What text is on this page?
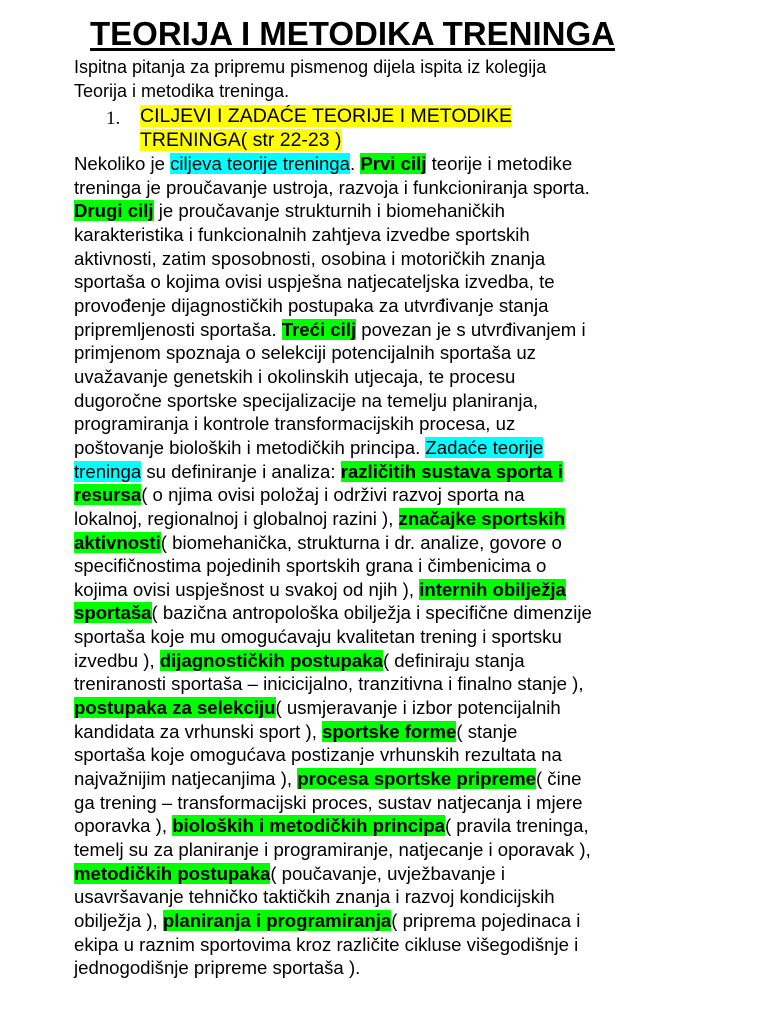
TEORIJA I METODIKA TRENINGA

Ispitna pitanja za pripremu pismenog dijela ispita iz kolegija
Teorija i metodika treninga.

1.	CILJEVI I ZADAĆE TEORIJE I METODIKE
TRENINGA( str 22-23 )

Nekoliko je ciljeva teorije treninga. Prvi cilj teorije i metodike
treninga je proučavanje ustroja, razvoja i funkcioniranja sporta.
Drugi cilj je proučavanje strukturnih i biomehaničkih
karakteristika i funkcionalnih zahtjeva izvedbe sportskih
aktivnosti, zatim sposobnosti, osobina i motoričkih znanja
sportaša o kojima ovisi uspješna natjecateljska izvedba, te
provođenje dijagnostičkih postupaka za utvrđivanje stanja
pripremljenosti sportaša. Treći cilj povezan je s utvrđivanjem i
primjenom spoznaja o selekciji potencijalnih sportaša uz
uvažavanje genetskih i okolinskih utjecaja, te procesu
dugoročne sportske specijalizacije na temelju planiranja,
programiranja i kontrole transformacijskih procesa, uz
poštovanje bioloških i metodičkih principa. Zadaće teorije
treninga su definiranje i analiza: različitih sustava sporta i
resursa( o njima ovisi položaj i održivi razvoj sporta na
lokalnoj, regionalnoj i globalnoj razini ), značajke sportskih
aktivnosti( biomehanička, strukturna i dr. analize, govore o
specifičnostima pojedinih sportskih grana i čimbenicima o
kojima ovisi uspješnost u svakoj od njih ), internih obilježja
sportaša( bazična antropološka obilježja i specifične dimenzije
sportaša koje mu omogućavaju kvalitetan trening i sportsku
izvedbu ), dijagnostičkih postupaka( definiraju stanja
treniranosti sportaša – inicicijalno, tranzitivna i finalno stanje ),
postupaka za selekciju( usmjeravanje i izbor potencijalnih
kandidata za vrhunski sport ), sportske forme( stanje
sportaša koje omogućava postizanje vrhunskih rezultata na
najvažnijim natjecanjima ), procesa sportske pripreme( čine
ga trening – transformacijski proces, sustav natjecanja i mjere
oporavka ), bioloških i metodičkih principa( pravila treninga,
temelj su za planiranje i programiranje, natjecanje i oporavak ),
metodičkih postupaka( poučavanje, uvježbavanje i
usavršavanje tehničko taktičkih znanja i razvoj kondicijskih
obilježja ), planiranja i programiranja( priprema pojedinaca i
ekipa u raznim sportovima kroz različite cikluse višegodišnje i
jednogodišnje pripreme sportaša ).
